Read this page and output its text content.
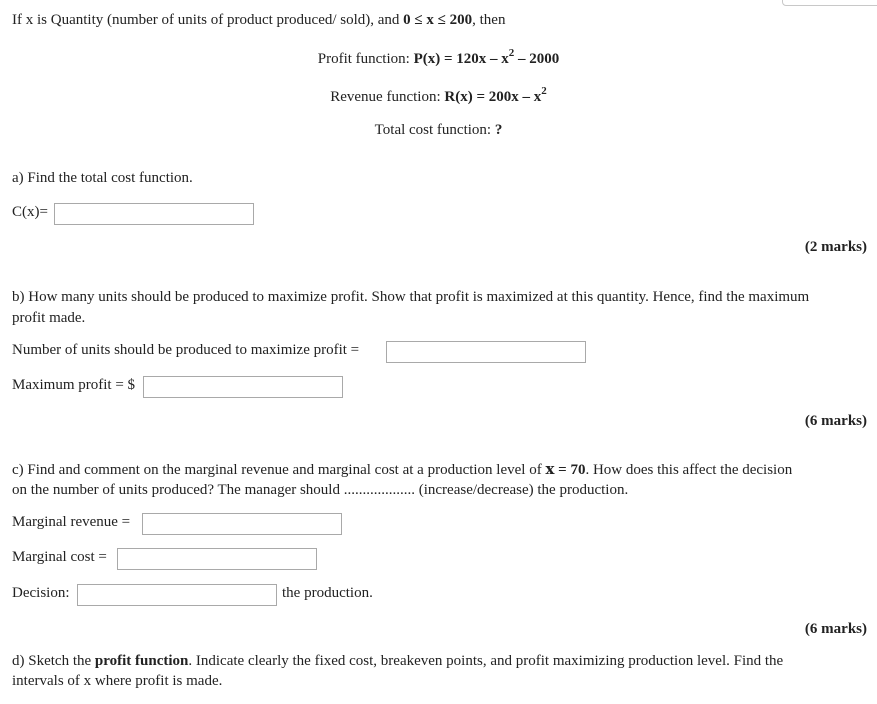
If x is Quantity (number of units of product produced/ sold), and 0 ≤ x ≤ 200, then
Profit function: $P(x) = 120x - x^2 - 2000$
Revenue function: $R(x) = 200x - x^2$
Total cost function: ?
a) Find the total cost function.
C(x)=
(2 marks)
b) How many units should be produced to maximize profit. Show that profit is maximized at this quantity. Hence, find the maximum
profit made.
Number of units should be produced to maximize profit =
Maximum profit = $
(6 marks)
c) Find and comment on the marginal revenue and marginal cost at a production level of x = 70. How does this affect the decision
on the number of units produced? The manager should ................... (increase/decrease) the production.
Marginal revenue =
Marginal cost =
Decision:	the production.
(6 marks)
d) Sketch the profit function. Indicate clearly the fixed cost, breakeven points, and profit maximizing production level. Find the
intervals of x where profit is made.
